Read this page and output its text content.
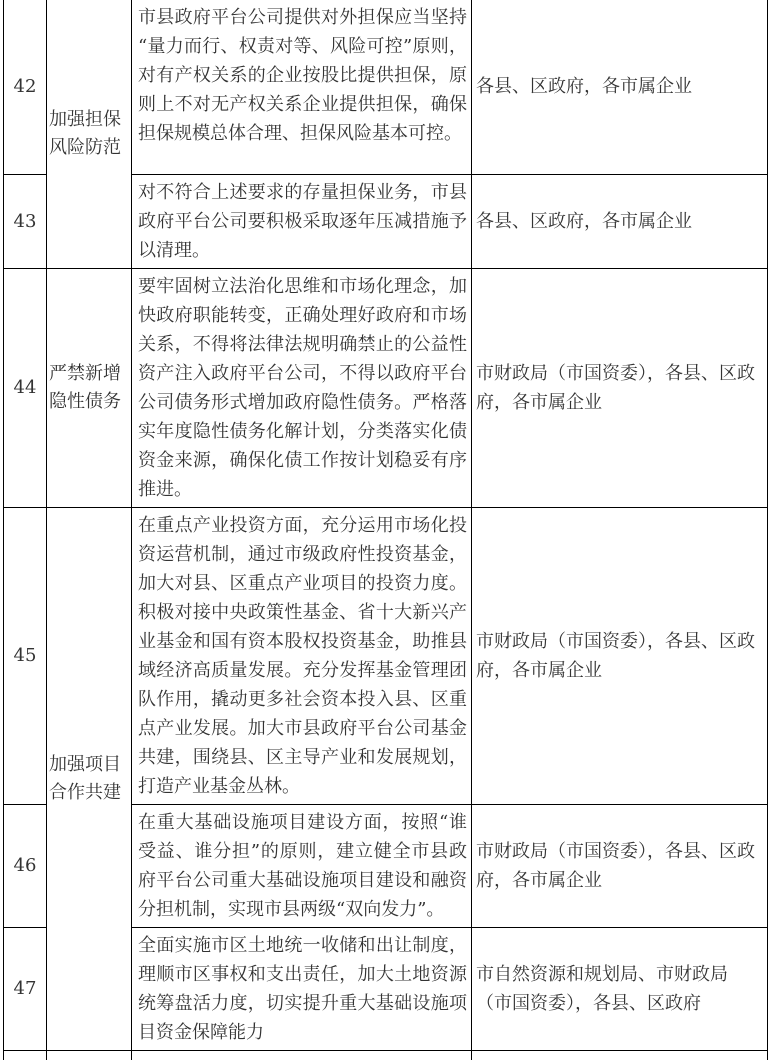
42	加强担保风险防范	市县政府平台公司提供对外担保应当坚持“量力而行、权责对等、风险可控”原则，对有产权关系的企业按股比提供担保，原则上不对无产权关系企业提供担保，确保担保规模总体合理、担保风险基本可控。	各县、区政府，各市属企业
43		对不符合上述要求的存量担保业务，市县政府平台公司要积极采取逐年压减措施予以清理。	各县、区政府，各市属企业
44	严禁新增隐性债务	要牢固树立法治化思维和市场化理念，加快政府职能转变，正确处理好政府和市场关系，不得将法律法规明确禁止的公益性资产注入政府平台公司，不得以政府平台公司债务形式增加政府隐性债务。严格落实年度隐性债务化解计划，分类落实化债资金来源，确保化债工作按计划稳妥有序推进。	市财政局（市国资委），各县、区政府，各市属企业
45	加强项目合作共建	在重点产业投资方面，充分运用市场化投资运营机制，通过市级政府性投资基金，加大对县、区重点产业项目的投资力度。积极对接中央政策性基金、省十大新兴产业基金和国有资本股权投资基金，助推县域经济高质量发展。充分发挥基金管理团队作用，撬动更多社会资本投入县、区重点产业发展。加大市县政府平台公司基金共建，围绕县、区主导产业和发展规划，打造产业基金丛林。	市财政局（市国资委），各县、区政府，各市属企业
46		在重大基础设施项目建设方面，按照“谁受益、谁分担”的原则，建立健全市县政府平台公司重大基础设施项目建设和融资分担机制，实现市县两级“双向发力”。	市财政局（市国资委），各县、区政府，各市属企业
47		全面实施市区土地统一收储和出让制度，理顺市区事权和支出责任，加大土地资源统筹盘活力度，切实提升重大基础设施项目资金保障能力	市自然资源和规划局、市财政局（市国资委），各县、区政府
